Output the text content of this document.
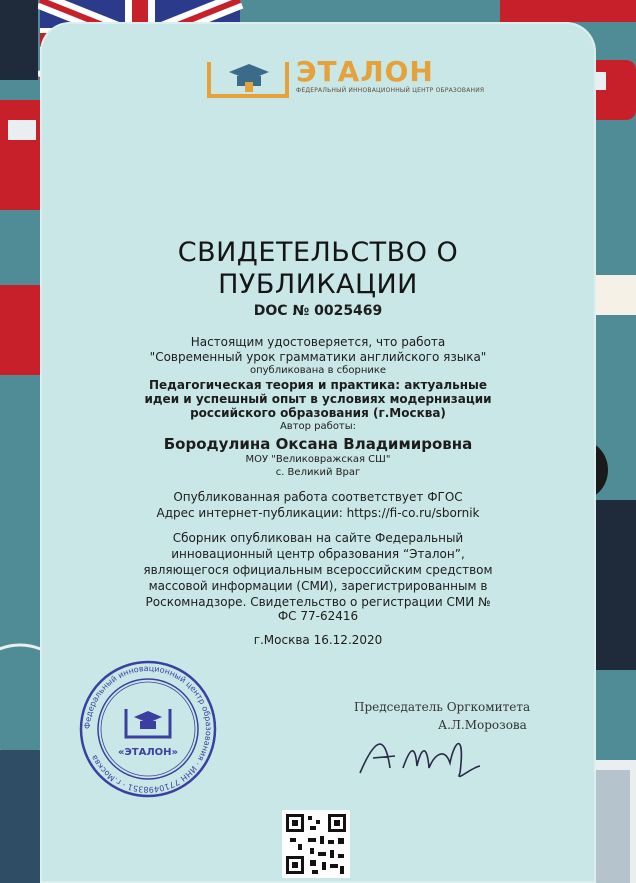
ЭТАЛОН
ФЕДЕРАЛЬНЫЙ ИННОВАЦИОННЫЙ ЦЕНТР ОБРАЗОВАНИЯ
СВИДЕТЕЛЬСТВО О
ПУБЛИКАЦИИ
DOC № 0025469
Настоящим удостоверяется, что работа
"Современный урок грамматики английского языка"
опубликована в сборнике
Педагогическая теория и практика: актуальные
идеи и успешный опыт в условиях модернизации
российского образования (г.Москва)
Автор работы:
Бородулина Оксана Владимировна
МОУ "Великовражская СШ"
с. Великий Враг
Опубликованная работа соответствует ФГОС
Адрес интернет-публикации: https://fi-co.ru/sbornik
Сборник опубликован на сайте Федеральный
инновационный центр образования “Эталон”,
являющегося официальным всероссийским средством
массовой информации (СМИ), зарегистрированным в
Роскомнадзоре. Свидетельство о регистрации СМИ №
ФС 77-62416
г.Москва 16.12.2020
Председатель Оргкомитета
А.Л.Морозова
Федеральный инновационный центр образования · ИНН 7710498351 · г.Москва	«ЭТАЛОН»
